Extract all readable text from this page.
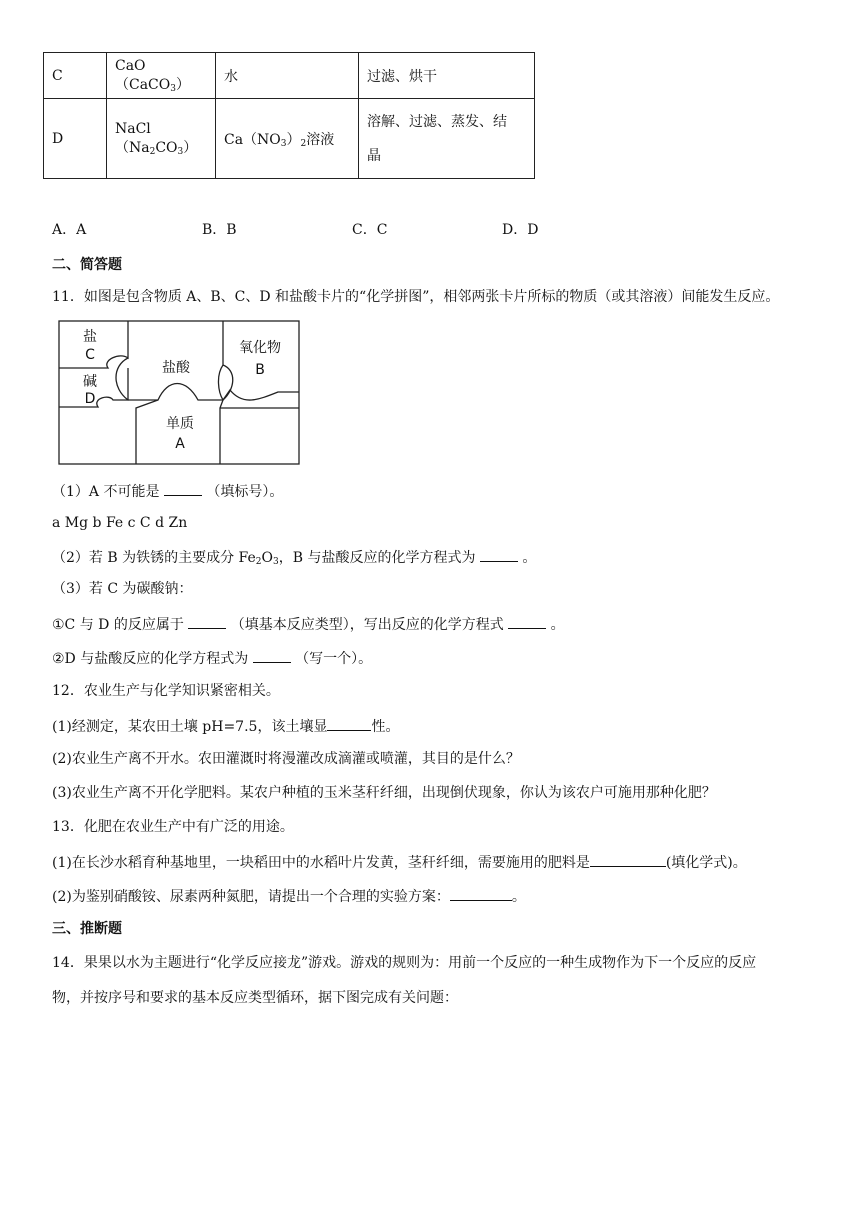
C	CaO（CaCO$_3$）	水	过滤、烘干
D	$NaCl(Na_2CO_3)$	$Ca(NO_3)_2$溶液	溶解、过滤、蒸发、结
晶
A．A	B．B	C．C	D．D
二、简答题
11．如图是包含物质 A、B、C、D 和盐酸卡片的“化学拼图”，相邻两张卡片所标的物质（或其溶液）间能发生反应。
盐
C
碱
D
盐酸
氧化物
B
单质
A
（1）A 不可能是	（填标号）。
a Mg b Fe c C d Zn
（2）若 B 为铁锈的主要成分 $Fe_2O_3$，B 与盐酸反应的化学方程式为	。
（3）若 C 为碳酸钠：
①C 与 D 的反应属于	（填基本反应类型），写出反应的化学方程式	。
②D 与盐酸反应的化学方程式为	（写一个）。
12．农业生产与化学知识紧密相关。
(1)经测定，某农田土壤 pH=7.5，该土壤显	性。
(2)农业生产离不开水。农田灌溉时将漫灌改成滴灌或喷灌，其目的是什么？
(3)农业生产离不开化学肥料。某农户种植的玉米茎秆纤细，出现倒伏现象，你认为该农户可施用那种化肥？
13．化肥在农业生产中有广泛的用途。
(1)在长沙水稻育种基地里，一块稻田中的水稻叶片发黄，茎秆纤细，需要施用的肥料是	(填化学式)。
(2)为鉴别硝酸铵、尿素两种氮肥，请提出一个合理的实验方案：	。
三、推断题
14．果果以水为主题进行“化学反应接龙”游戏。游戏的规则为：用前一个反应的一种生成物作为下一个反应的反应
物，并按序号和要求的基本反应类型循环，据下图完成有关问题：
